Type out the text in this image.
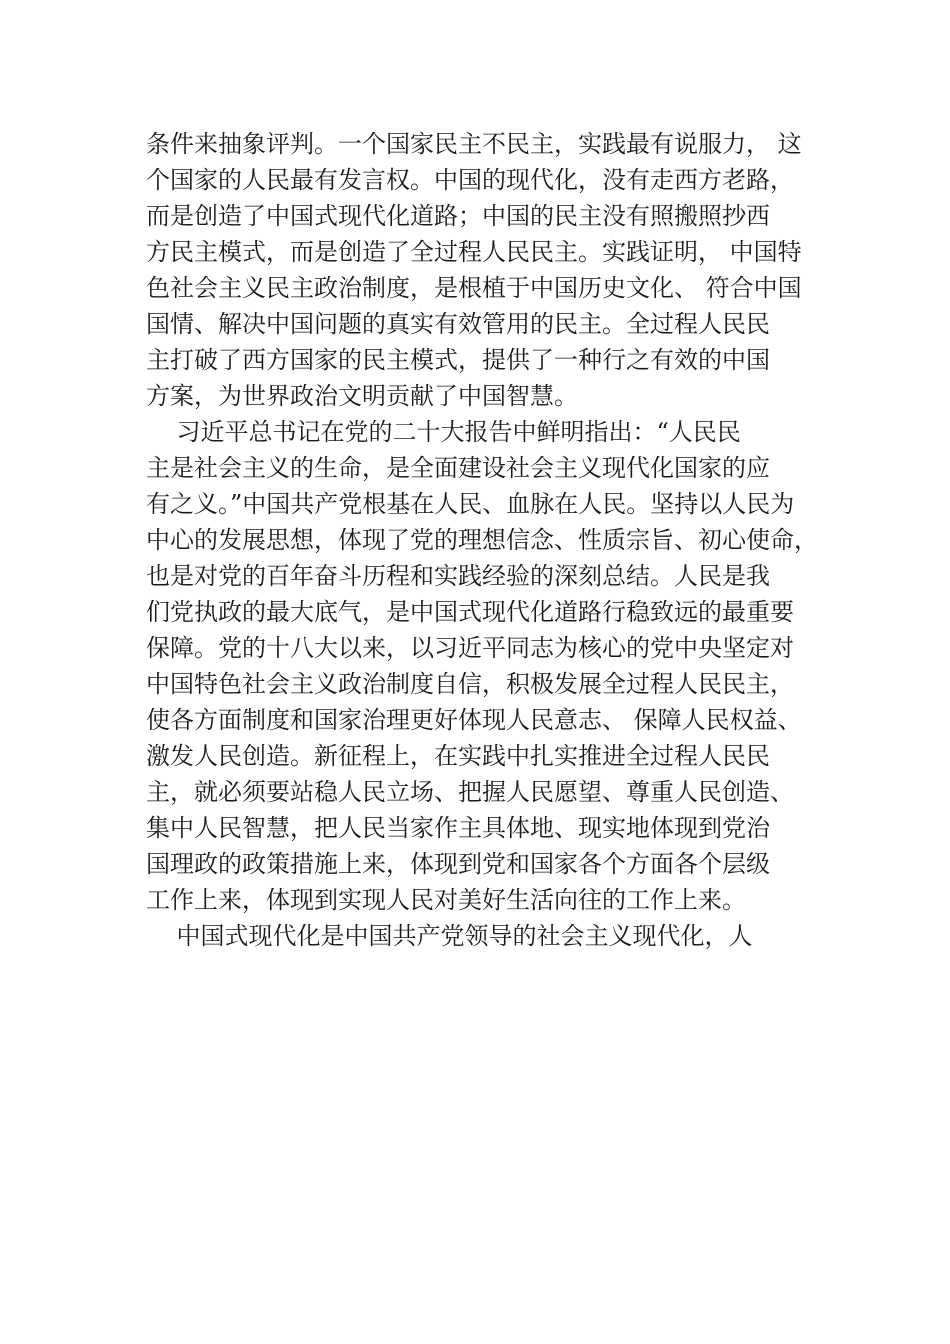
条件来抽象评判。一个国家民主不民主，实践最有说服力， 这
个国家的人民最有发言权。中国的现代化，没有走西方老路，
而是创造了中国式现代化道路；中国的民主没有照搬照抄西
方民主模式，而是创造了全过程人民民主。实践证明， 中国特
色社会主义民主政治制度，是根植于中国历史文化、 符合中国
国情、解决中国问题的真实有效管用的民主。全过程人民民
主打破了西方国家的民主模式，提供了一种行之有效的中国
方案，为世界政治文明贡献了中国智慧。
习近平总书记在党的二十大报告中鲜明指出：“人民民
主是社会主义的生命，是全面建设社会主义现代化国家的应
有之义。”中国共产党根基在人民、血脉在人民。坚持以人民为
中心的发展思想，体现了党的理想信念、性质宗旨、初心使命，
也是对党的百年奋斗历程和实践经验的深刻总结。人民是我
们党执政的最大底气，是中国式现代化道路行稳致远的最重要
保障。党的十八大以来，以习近平同志为核心的党中央坚定对
中国特色社会主义政治制度自信，积极发展全过程人民民主，
使各方面制度和国家治理更好体现人民意志、 保障人民权益、
激发人民创造。新征程上，在实践中扎实推进全过程人民民
主，就必须要站稳人民立场、把握人民愿望、尊重人民创造、
集中人民智慧，把人民当家作主具体地、现实地体现到党治
国理政的政策措施上来，体现到党和国家各个方面各个层级
工作上来，体现到实现人民对美好生活向往的工作上来。
中国式现代化是中国共产党领导的社会主义现代化，人
